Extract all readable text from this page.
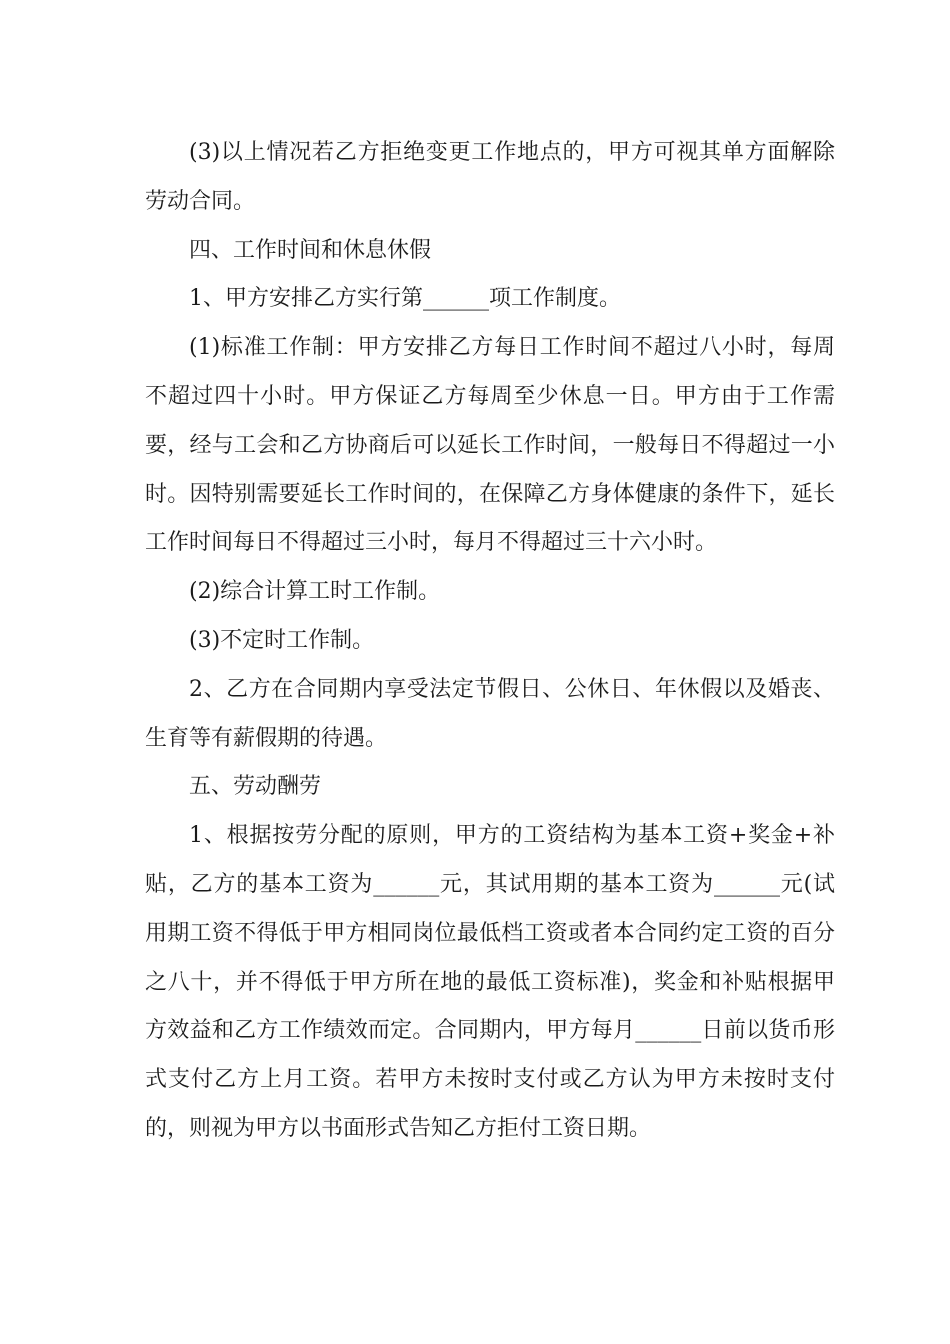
(3)以上情况若乙方拒绝变更工作地点的，甲方可视其单方面解除劳动合同。

四、工作时间和休息休假

1、甲方安排乙方实行第______项工作制度。

(1)标准工作制：甲方安排乙方每日工作时间不超过八小时，每周不超过四十小时。甲方保证乙方每周至少休息一日。甲方由于工作需要，经与工会和乙方协商后可以延长工作时间，一般每日不得超过一小时。因特别需要延长工作时间的，在保障乙方身体健康的条件下，延长工作时间每日不得超过三小时，每月不得超过三十六小时。

(2)综合计算工时工作制。

(3)不定时工作制。

2、乙方在合同期内享受法定节假日、公休日、年休假以及婚丧、生育等有薪假期的待遇。

五、劳动酬劳

1、根据按劳分配的原则，甲方的工资结构为基本工资+奖金+补贴，乙方的基本工资为______元，其试用期的基本工资为______元(试用期工资不得低于甲方相同岗位最低档工资或者本合同约定工资的百分之八十，并不得低于甲方所在地的最低工资标准)，奖金和补贴根据甲方效益和乙方工作绩效而定。合同期内，甲方每月______日前以货币形式支付乙方上月工资。若甲方未按时支付或乙方认为甲方未按时支付的，则视为甲方以书面形式告知乙方拒付工资日期。
